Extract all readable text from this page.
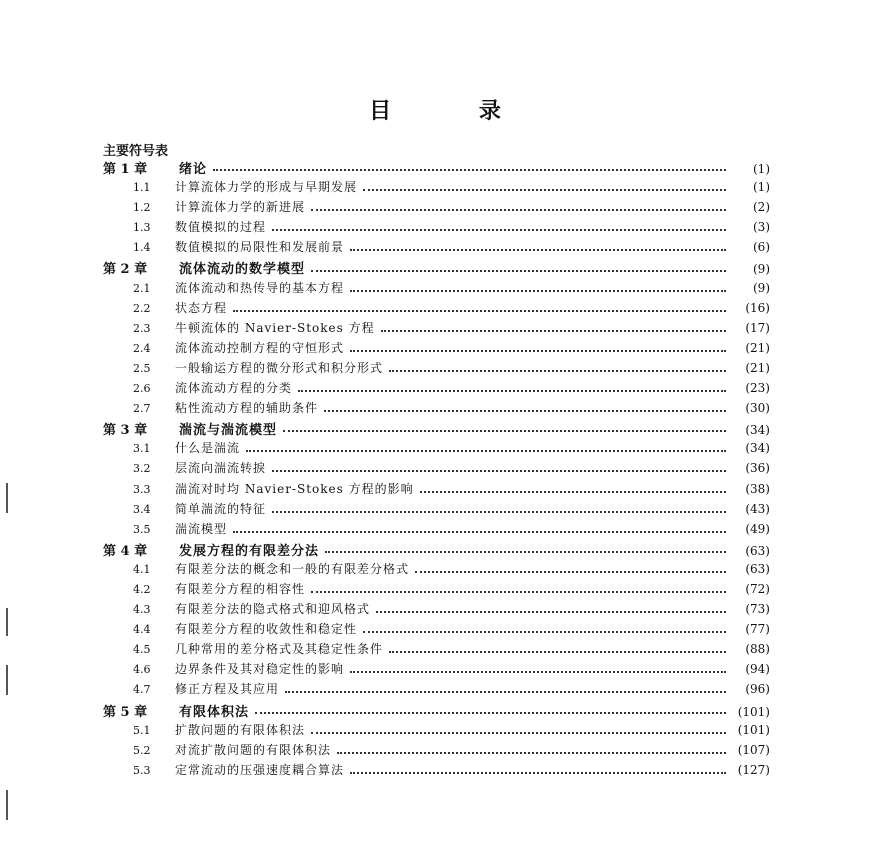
目 录
主要符号表
第 1 章	绪论	(1)
1.1	计算流体力学的形成与早期发展	(1)
1.2	计算流体力学的新进展	(2)
1.3	数值模拟的过程	(3)
1.4	数值模拟的局限性和发展前景	(6)
第 2 章	流体流动的数学模型	(9)
2.1	流体流动和热传导的基本方程	(9)
2.2	状态方程	(16)
2.3	牛顿流体的 Navier-Stokes 方程	(17)
2.4	流体流动控制方程的守恒形式	(21)
2.5	一般输运方程的微分形式和积分形式	(21)
2.6	流体流动方程的分类	(23)
2.7	粘性流动方程的辅助条件	(30)
第 3 章	湍流与湍流模型	(34)
3.1	什么是湍流	(34)
3.2	层流向湍流转捩	(36)
3.3	湍流对时均 Navier-Stokes 方程的影响	(38)
3.4	简单湍流的特征	(43)
3.5	湍流模型	(49)
第 4 章	发展方程的有限差分法	(63)
4.1	有限差分法的概念和一般的有限差分格式	(63)
4.2	有限差分方程的相容性	(72)
4.3	有限差分法的隐式格式和迎风格式	(73)
4.4	有限差分方程的收敛性和稳定性	(77)
4.5	几种常用的差分格式及其稳定性条件	(88)
4.6	边界条件及其对稳定性的影响	(94)
4.7	修正方程及其应用	(96)
第 5 章	有限体积法	(101)
5.1	扩散问题的有限体积法	(101)
5.2	对流扩散问题的有限体积法	(107)
5.3	定常流动的压强速度耦合算法	(127)
